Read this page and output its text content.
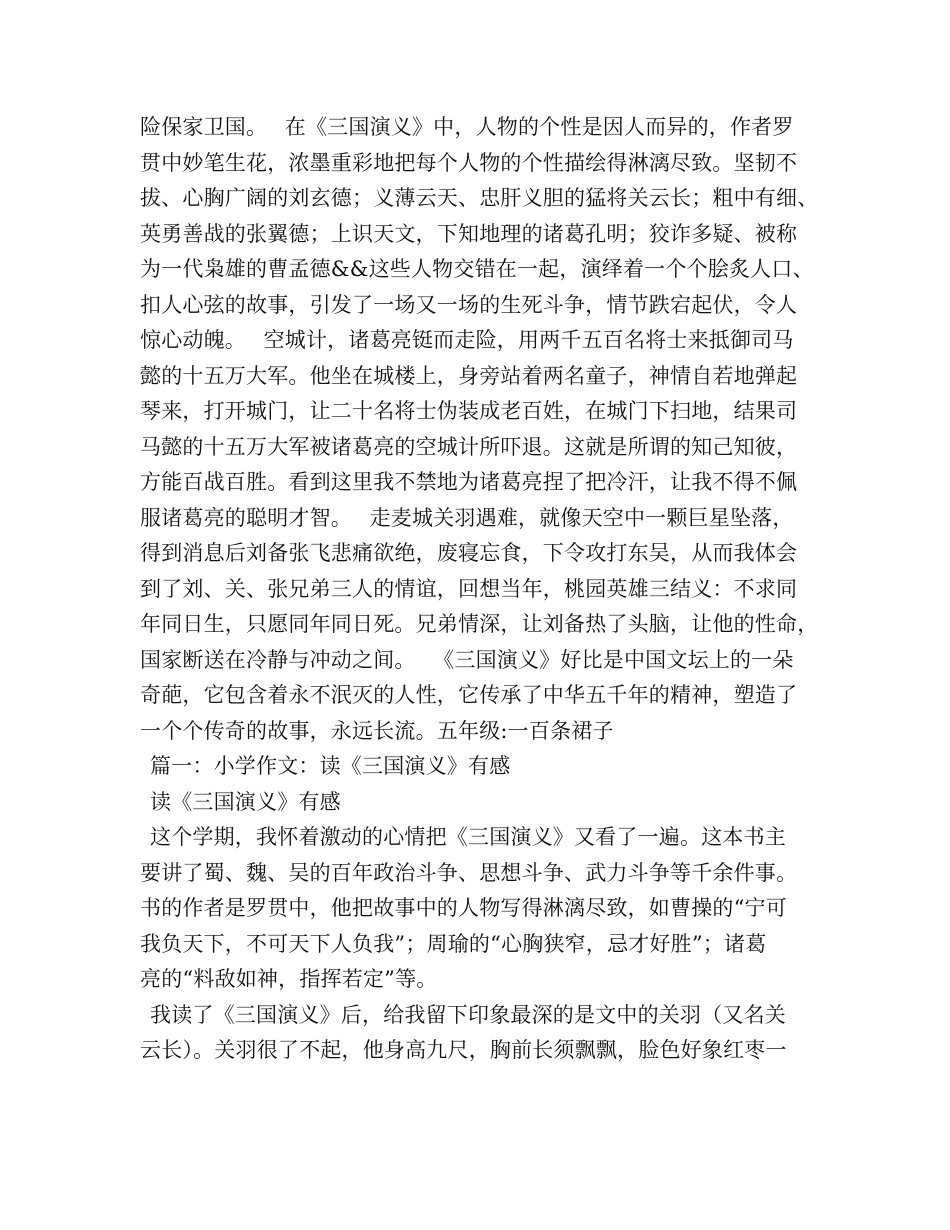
险保家卫国。　 在《三国演义》中，人物的个性是因人而异的，作者罗
贯中妙笔生花，浓墨重彩地把每个人物的个性描绘得淋漓尽致。坚韧不
拔、心胸广阔的刘玄德；义薄云天、忠肝义胆的猛将关云长；粗中有细、
英勇善战的张翼德；上识天文，下知地理的诸葛孔明；狡诈多疑、被称
为一代枭雄的曹孟德&&这些人物交错在一起，演绎着一个个脍炙人口、
扣人心弦的故事，引发了一场又一场的生死斗争，情节跌宕起伏，令人
惊心动魄。　 空城计，诸葛亮铤而走险，用两千五百名将士来抵御司马
懿的十五万大军。他坐在城楼上，身旁站着两名童子，神情自若地弹起
琴来，打开城门，让二十名将士伪装成老百姓，在城门下扫地，结果司
马懿的十五万大军被诸葛亮的空城计所吓退。这就是所谓的知己知彼，
方能百战百胜。看到这里我不禁地为诸葛亮捏了把冷汗，让我不得不佩
服诸葛亮的聪明才智。　 走麦城关羽遇难，就像天空中一颗巨星坠落，
得到消息后刘备张飞悲痛欲绝，废寝忘食，下令攻打东吴，从而我体会
到了刘、关、张兄弟三人的情谊，回想当年，桃园英雄三结义：不求同
年同日生，只愿同年同日死。兄弟情深，让刘备热了头脑，让他的性命，
国家断送在冷静与冲动之间。　 《三国演义》好比是中国文坛上的一朵
奇葩，它包含着永不泯灭的人性，它传承了中华五千年的精神，塑造了
一个个传奇的故事，永远长流。五年级:一百条裙子
篇一：小学作文：读《三国演义》有感
读《三国演义》有感
这个学期，我怀着激动的心情把《三国演义》又看了一遍。这本书主
要讲了蜀、魏、吴的百年政治斗争、思想斗争、武力斗争等千余件事。
书的作者是罗贯中，他把故事中的人物写得淋漓尽致，如曹操的“宁可
我负天下，不可天下人负我”；周瑜的“心胸狭窄，忌才好胜”；诸葛
亮的“料敌如神，指挥若定”等。
我读了《三国演义》后，给我留下印象最深的是文中的关羽（又名关
云长）。关羽很了不起，他身高九尺，胸前长须飘飘，脸色好象红枣一
